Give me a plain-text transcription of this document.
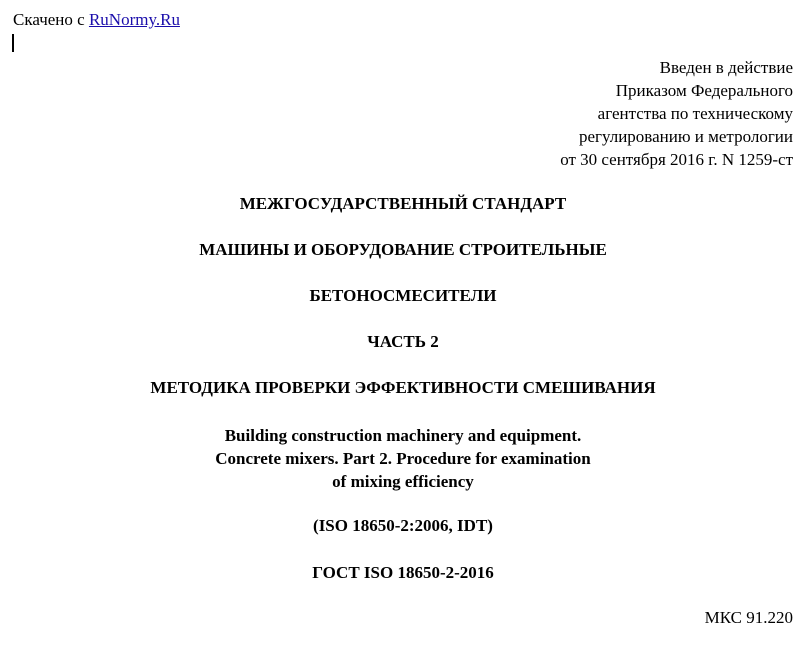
Скачено с RuNormy.Ru
Введен в действие
Приказом Федерального
агентства по техническому
регулированию и метрологии
от 30 сентября 2016 г. N 1259-ст
МЕЖГОСУДАРСТВЕННЫЙ СТАНДАРТ
МАШИНЫ И ОБОРУДОВАНИЕ СТРОИТЕЛЬНЫЕ
БЕТОНОСМЕСИТЕЛИ
ЧАСТЬ 2
МЕТОДИКА ПРОВЕРКИ ЭФФЕКТИВНОСТИ СМЕШИВАНИЯ
Building construction machinery and equipment.
Concrete mixers. Part 2. Procedure for examination
of mixing efficiency
(ISO 18650-2:2006, IDT)
ГОСТ ISO 18650-2-2016
МКС 91.220
